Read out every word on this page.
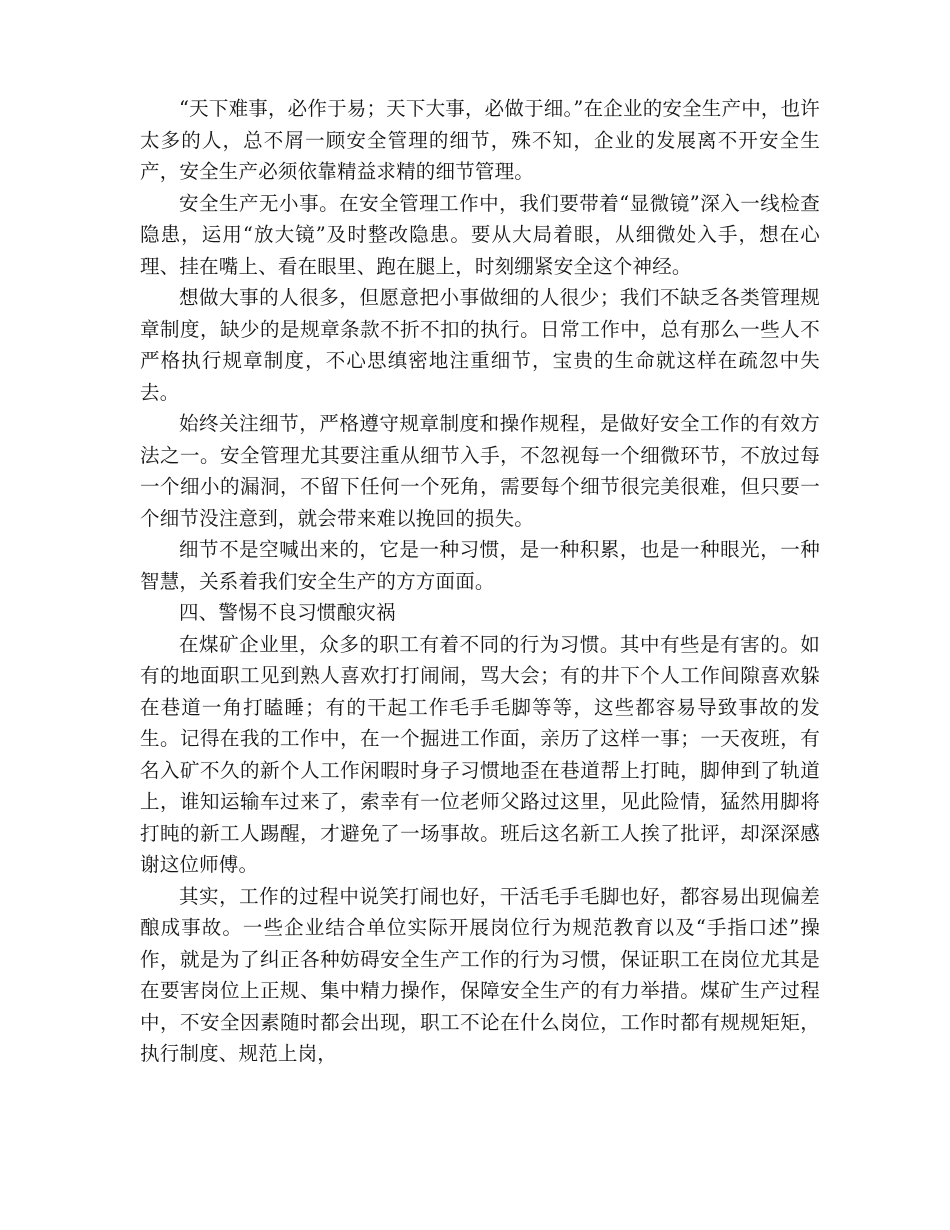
“天下难事，必作于易；天下大事，必做于细。”在企业的安全生产中，也许太多的人，总不屑一顾安全管理的细节，殊不知，企业的发展离不开安全生产，安全生产必须依靠精益求精的细节管理。

安全生产无小事。在安全管理工作中，我们要带着“显微镜”深入一线检查隐患，运用“放大镜”及时整改隐患。要从大局着眼，从细微处入手，想在心理、挂在嘴上、看在眼里、跑在腿上，时刻绷紧安全这个神经。

想做大事的人很多，但愿意把小事做细的人很少；我们不缺乏各类管理规章制度，缺少的是规章条款不折不扣的执行。日常工作中，总有那么一些人不严格执行规章制度，不心思缜密地注重细节，宝贵的生命就这样在疏忽中失去。

始终关注细节，严格遵守规章制度和操作规程，是做好安全工作的有效方法之一。安全管理尤其要注重从细节入手，不忽视每一个细微环节，不放过每一个细小的漏洞，不留下任何一个死角，需要每个细节很完美很难，但只要一个细节没注意到，就会带来难以挽回的损失。

细节不是空喊出来的，它是一种习惯，是一种积累，也是一种眼光，一种智慧，关系着我们安全生产的方方面面。

四、警惕不良习惯酿灾祸

在煤矿企业里，众多的职工有着不同的行为习惯。其中有些是有害的。如有的地面职工见到熟人喜欢打打闹闹，骂大会；有的井下个人工作间隙喜欢躲在巷道一角打瞌睡；有的干起工作毛手毛脚等等，这些都容易导致事故的发生。记得在我的工作中，在一个掘进工作面，亲历了这样一事；一天夜班，有名入矿不久的新个人工作闲暇时身子习惯地歪在巷道帮上打盹，脚伸到了轨道上，谁知运输车过来了，索幸有一位老师父路过这里，见此险情，猛然用脚将打盹的新工人踢醒，才避免了一场事故。班后这名新工人挨了批评，却深深感谢这位师傅。

其实，工作的过程中说笑打闹也好，干活毛手毛脚也好，都容易出现偏差酿成事故。一些企业结合单位实际开展岗位行为规范教育以及“手指口述”操作，就是为了纠正各种妨碍安全生产工作的行为习惯，保证职工在岗位尤其是在要害岗位上正规、集中精力操作，保障安全生产的有力举措。煤矿生产过程中，不安全因素随时都会出现，职工不论在什么岗位，工作时都有规规矩矩，执行制度、规范上岗，
